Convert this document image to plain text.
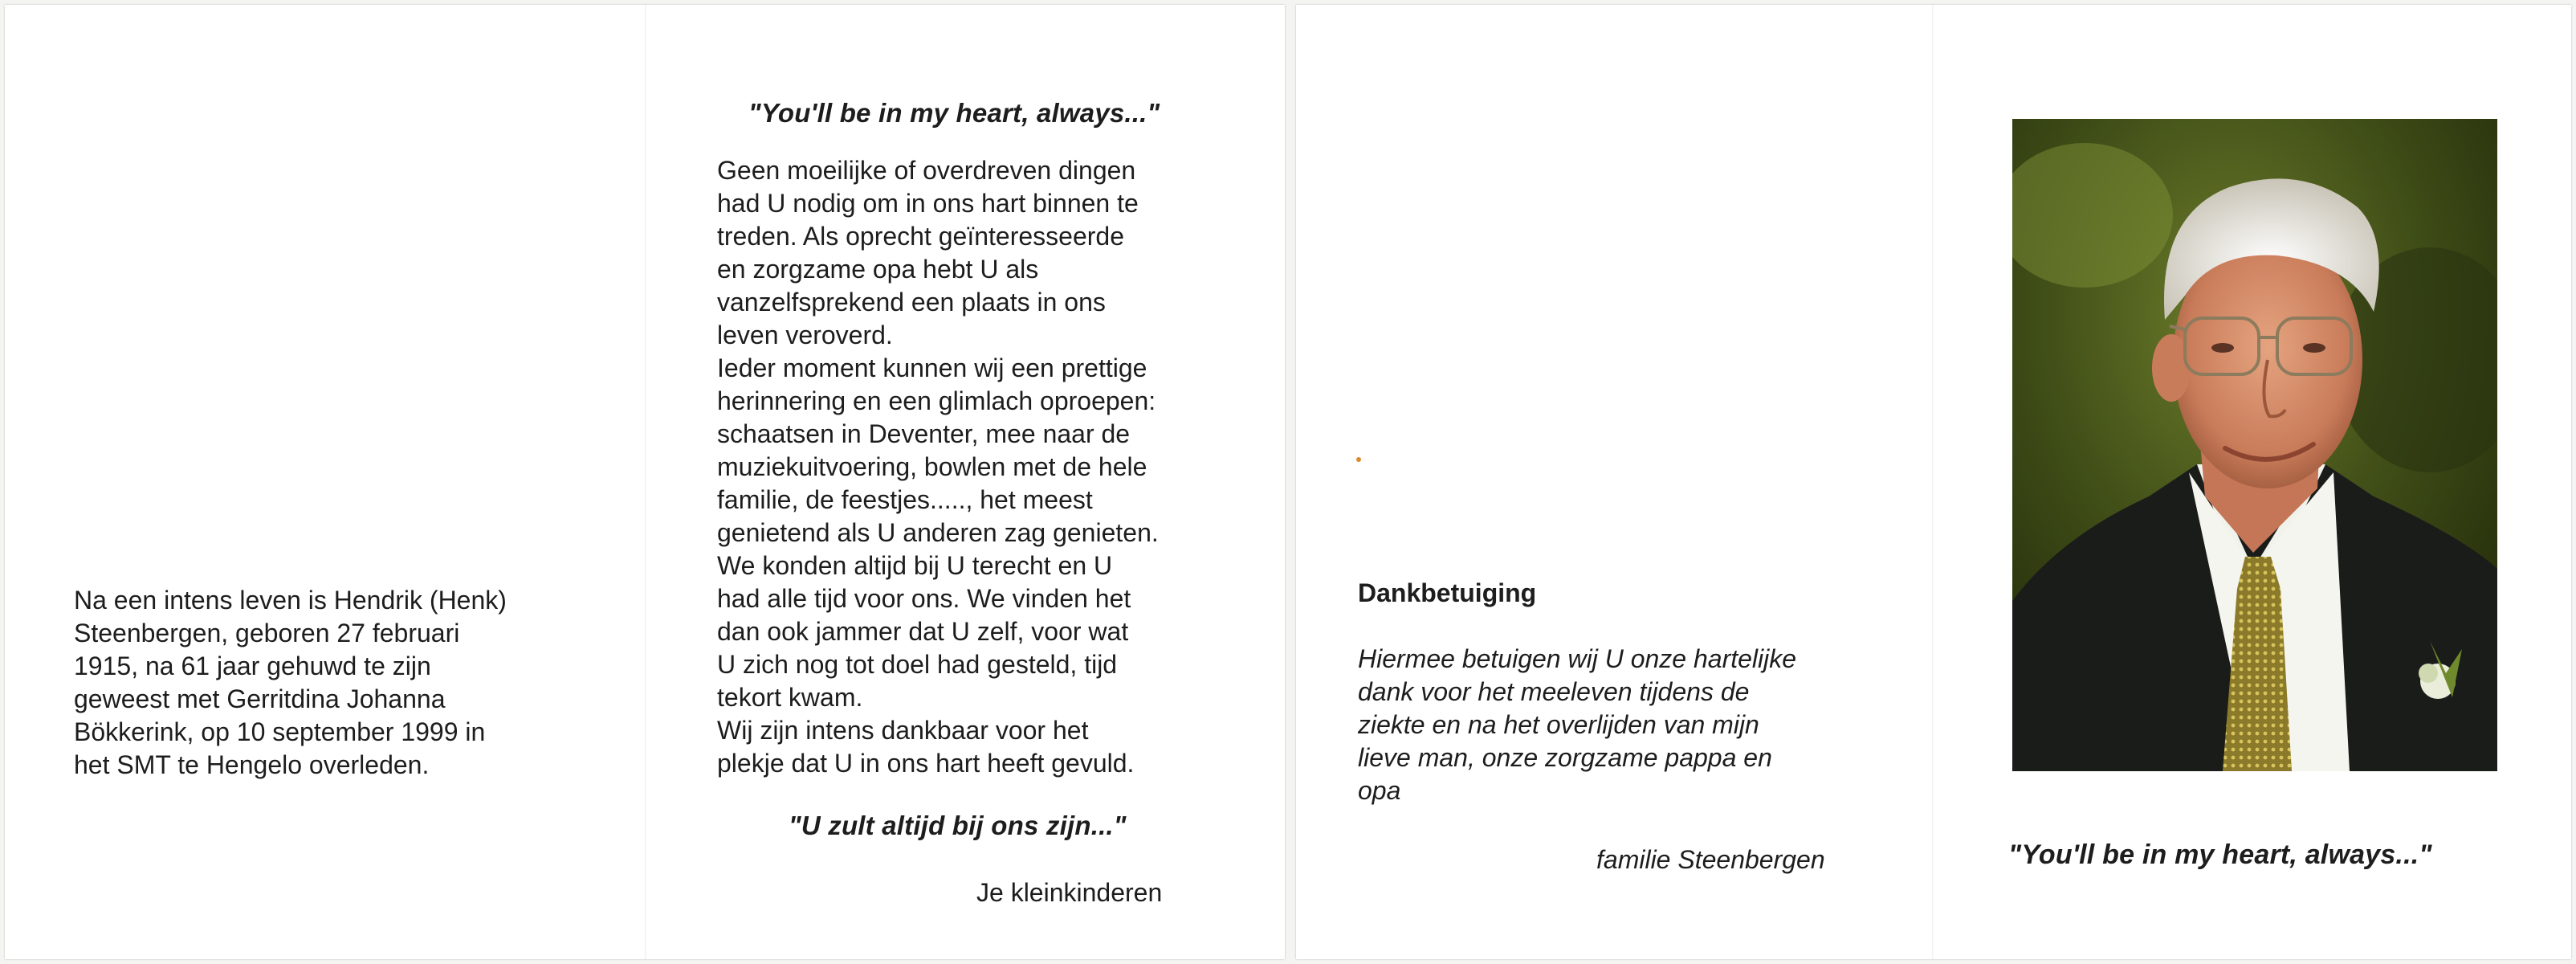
Na een intens leven is Hendrik (Henk)
Steenbergen, geboren 27 februari
1915, na 61 jaar gehuwd te zijn
geweest met Gerritdina Johanna
Bökkerink, op 10 september 1999 in
het SMT te Hengelo overleden.

"You'll be in my heart, always..."

Geen moeilijke of overdreven dingen
had U nodig om in ons hart binnen te
treden. Als oprecht geïnteresseerde
en zorgzame opa hebt U als
vanzelfsprekend een plaats in ons
leven veroverd.
Ieder moment kunnen wij een prettige
herinnering en een glimlach oproepen:
schaatsen in Deventer, mee naar de
muziekuitvoering, bowlen met de hele
familie, de feestjes....., het meest
genietend als U anderen zag genieten.
We konden altijd bij U terecht en U
had alle tijd voor ons. We vinden het
dan ook jammer dat U zelf, voor wat
U zich nog tot doel had gesteld, tijd
tekort kwam.
Wij zijn intens dankbaar voor het
plekje dat U in ons hart heeft gevuld.

"U zult altijd bij ons zijn..."

Je kleinkinderen

Dankbetuiging

Hiermee betuigen wij U onze hartelijke
dank voor het meeleven tijdens de
ziekte en na het overlijden van mijn
lieve man, onze zorgzame pappa en
opa

familie Steenbergen	"You'll be in my heart, always..."
